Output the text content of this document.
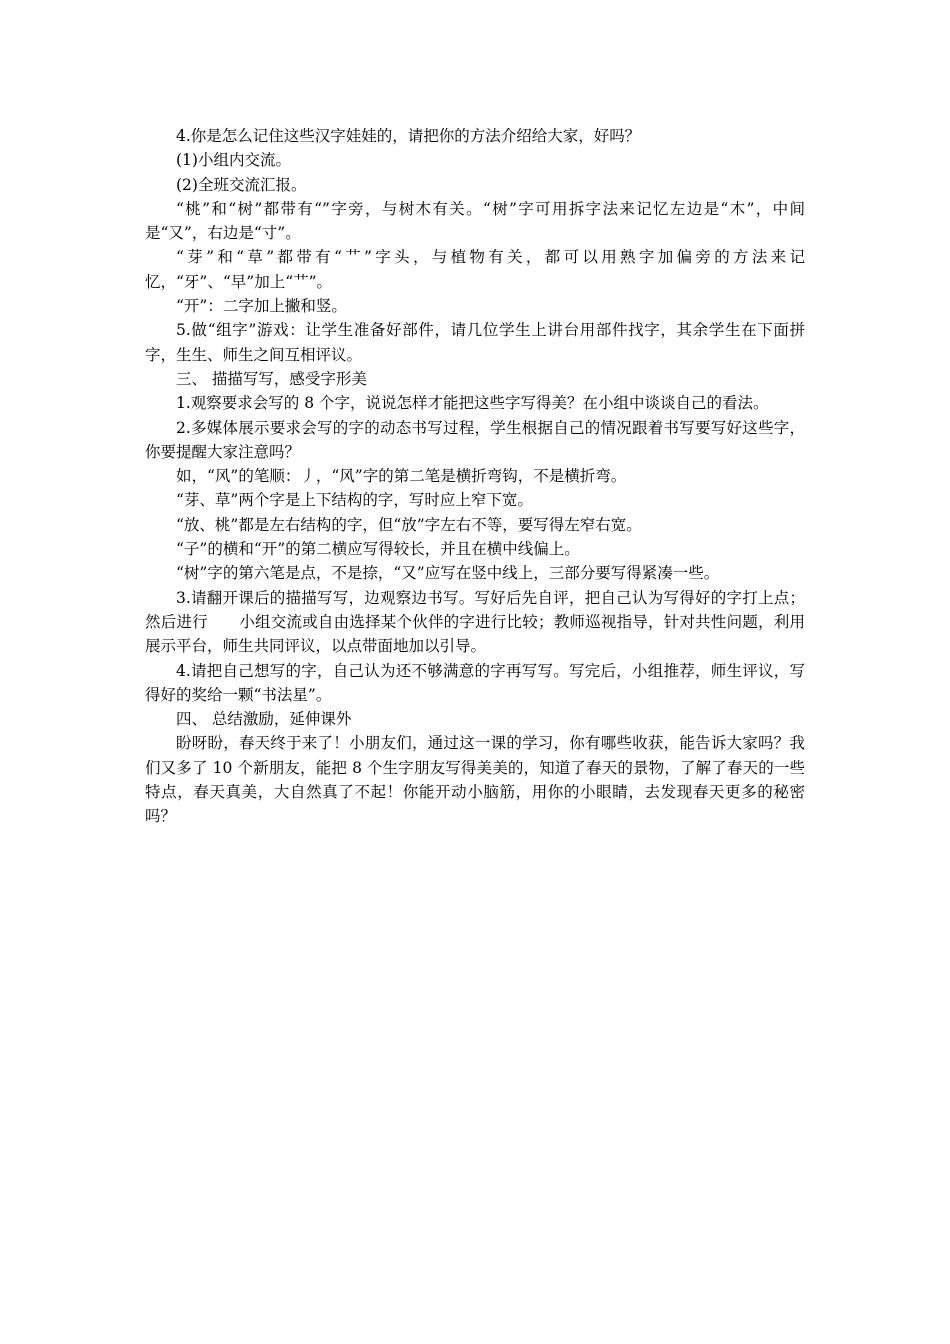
4.你是怎么记住这些汉字娃娃的，请把你的方法介绍给大家，好吗？

(1)小组内交流。

(2)全班交流汇报。

“桃”和“树”都带有“”字旁，与树木有关。“树”字可用拆字法来记忆左边是“木”，中间是“又”，右边是“寸”。

“芽”和“草”都带有“艹”字头，与植物有关，都可以用熟字加偏旁的方法来记忆，“牙”、“早”加上“艹”。

“开”：二字加上撇和竖。

5.做“组字”游戏：让学生准备好部件，请几位学生上讲台用部件找字，其余学生在下面拼字，生生、师生之间互相评议。

三、 描描写写，感受字形美

1.观察要求会写的 8 个字，说说怎样才能把这些字写得美？在小组中谈谈自己的看法。

2.多媒体展示要求会写的字的动态书写过程，学生根据自己的情况跟着书写要写好这些字，你要提醒大家注意吗？

如，“风”的笔顺：丿，“风”字的第二笔是横折弯钩，不是横折弯。

“芽、草”两个字是上下结构的字，写时应上窄下宽。

“放、桃”都是左右结构的字，但“放”字左右不等，要写得左窄右宽。

“子”的横和“开”的第二横应写得较长，并且在横中线偏上。

“树”字的第六笔是点，不是捺，“又”应写在竖中线上，三部分要写得紧凑一些。

3.请翻开课后的描描写写，边观察边书写。写好后先自评，把自己认为写得好的字打上点；然后进行　　小组交流或自由选择某个伙伴的字进行比较；教师巡视指导，针对共性问题，利用展示平台，师生共同评议，以点带面地加以引导。

4.请把自己想写的字，自己认为还不够满意的字再写写。写完后，小组推荐，师生评议，写得好的奖给一颗“书法星”。

四、 总结激励，延伸课外

盼呀盼，春天终于来了！小朋友们，通过这一课的学习，你有哪些收获，能告诉大家吗？我们又多了 10 个新朋友，能把 8 个生字朋友写得美美的，知道了春天的景物，了解了春天的一些特点，春天真美，大自然真了不起！你能开动小脑筋，用你的小眼睛，去发现春天更多的秘密吗？
